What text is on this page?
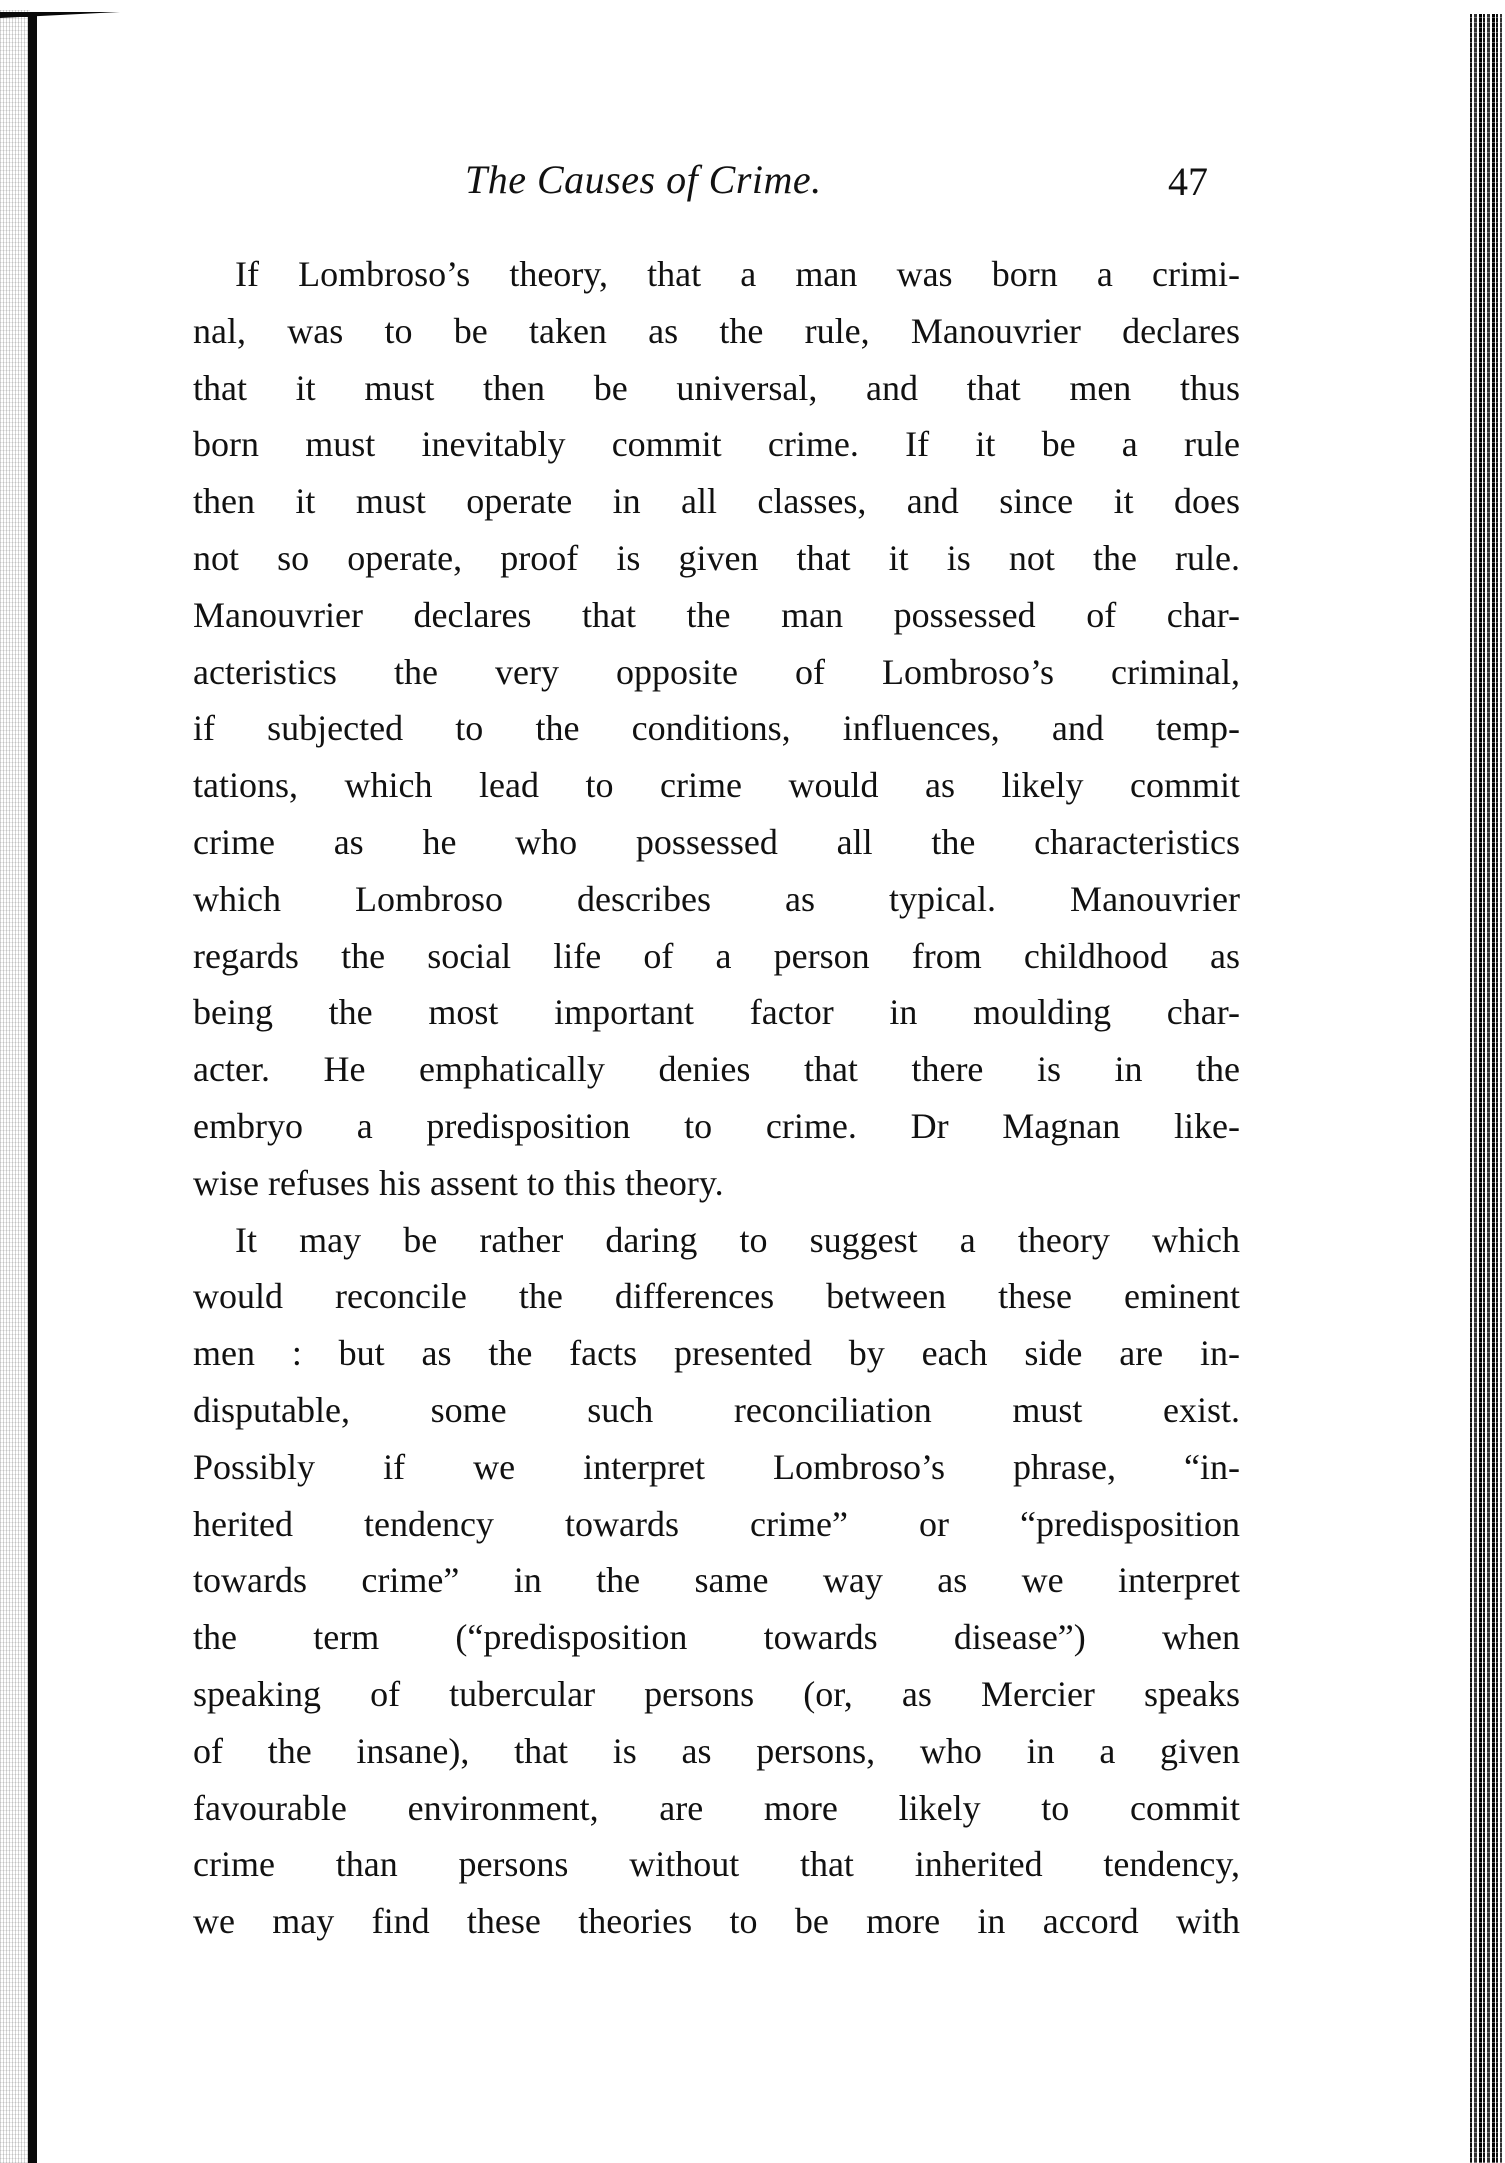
The Causes of Crime.	47
If Lombroso’s theory, that a man was born a crimi-
nal, was to be taken as the rule, Manouvrier declares
that it must then be universal, and that men thus
born must inevitably commit crime. If it be a rule
then it must operate in all classes, and since it does
not so operate, proof is given that it is not the rule.
Manouvrier declares that the man possessed of char-
acteristics the very opposite of Lombroso’s criminal,
if subjected to the conditions, influences, and temp-
tations, which lead to crime would as likely commit
crime as he who possessed all the characteristics
which Lombroso describes as typical. Manouvrier
regards the social life of a person from childhood as
being the most important factor in moulding char-
acter. He emphatically denies that there is in the
embryo a predisposition to crime. Dr Magnan like-
wise refuses his assent to this theory.
It may be rather daring to suggest a theory which
would reconcile the differences between these eminent
men : but as the facts presented by each side are in-
disputable, some such reconciliation must exist.
Possibly if we interpret Lombroso’s phrase, “in-
herited tendency towards crime” or “predisposition
towards crime” in the same way as we interpret
the term (“predisposition towards disease”) when
speaking of tubercular persons (or, as Mercier speaks
of the insane), that is as persons, who in a given
favourable environment, are more likely to commit
crime than persons without that inherited tendency,
we may find these theories to be more in accord with
